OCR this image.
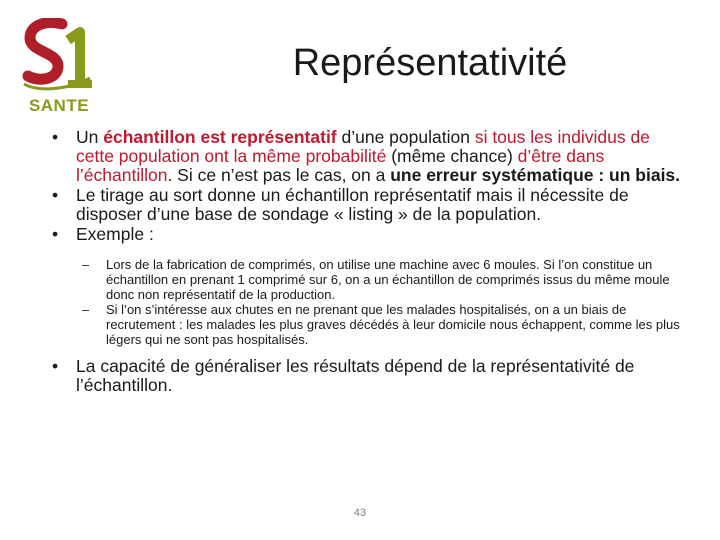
SANTE
Représentativité
• Un échantillon est représentatif d’une population si tous les individus de cette population ont la même probabilité (même chance) d’être dans l’échantillon. Si ce n’est pas le cas, on a une erreur systématique : un biais.
• Le tirage au sort donne un échantillon représentatif mais il nécessite de disposer d’une base de sondage « listing » de la population.
• Exemple :
– Lors de la fabrication de comprimés, on utilise une machine avec 6 moules. Si l’on constitue un échantillon en prenant 1 comprimé sur 6, on a un échantillon de comprimés issus du même moule donc non représentatif de la production.
– Si l’on s’intéresse aux chutes en ne prenant que les malades hospitalisés, on a un biais de recrutement : les malades les plus graves décédés à leur domicile nous échappent, comme les plus légers qui ne sont pas hospitalisés.
• La capacité de généraliser les résultats dépend de la représentativité de l’échantillon.
43
